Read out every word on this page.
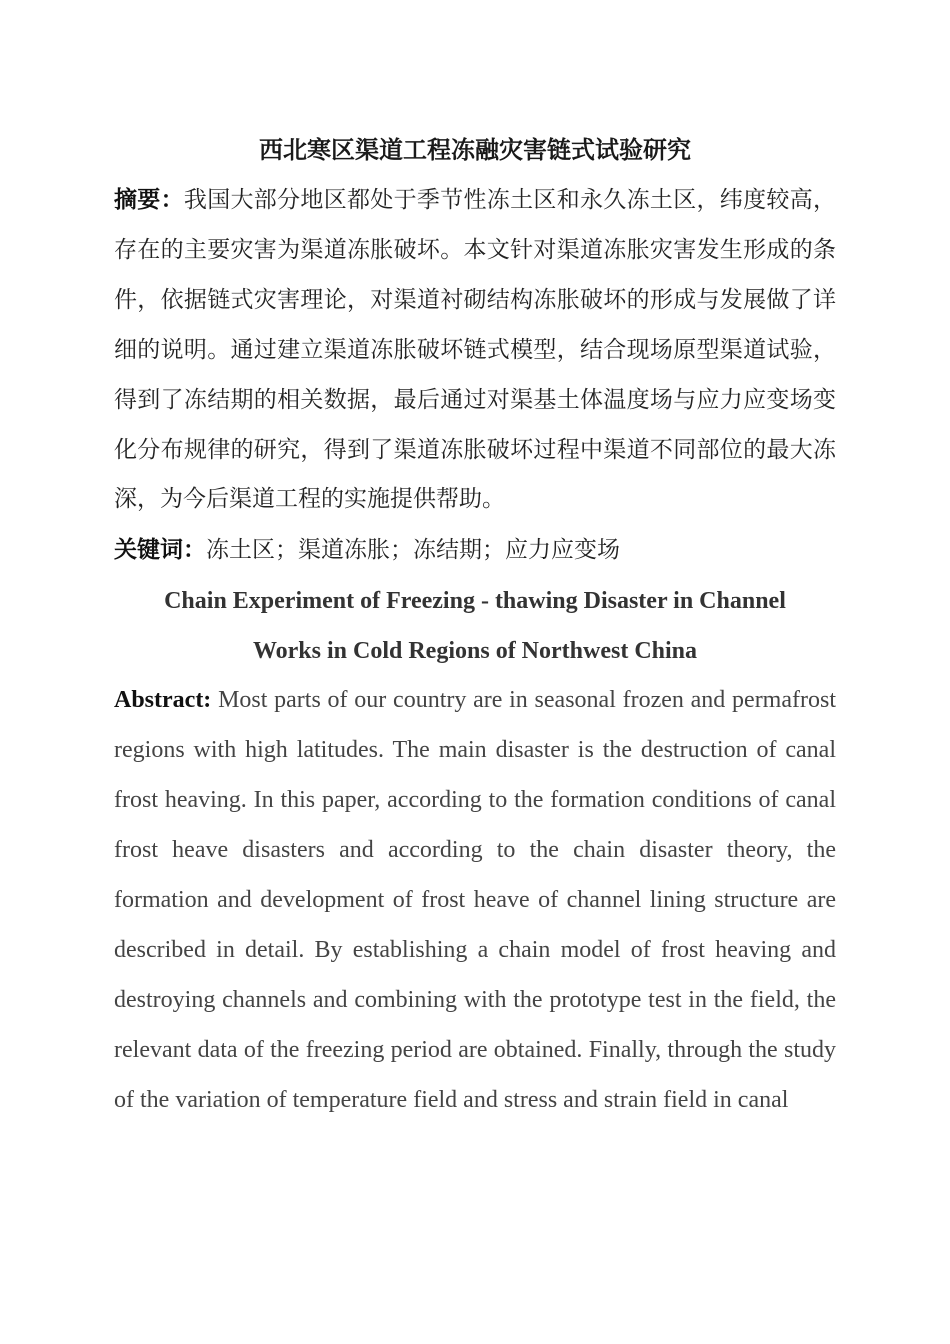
西北寒区渠道工程冻融灾害链式试验研究

摘要：我国大部分地区都处于季节性冻土区和永久冻土区，纬度较高，存在的主要灾害为渠道冻胀破坏。本文针对渠道冻胀灾害发生形成的条件，依据链式灾害理论，对渠道衬砌结构冻胀破坏的形成与发展做了详细的说明。通过建立渠道冻胀破坏链式模型，结合现场原型渠道试验，得到了冻结期的相关数据，最后通过对渠基土体温度场与应力应变场变化分布规律的研究，得到了渠道冻胀破坏过程中渠道不同部位的最大冻深，为今后渠道工程的实施提供帮助。

关键词：冻土区；渠道冻胀；冻结期；应力应变场

Chain Experiment of Freezing - thawing Disaster in Channel
Works in Cold Regions of Northwest China

Abstract: Most parts of our country are in seasonal frozen and permafrost regions with high latitudes. The main disaster is the destruction of canal frost heaving. In this paper, according to the formation conditions of canal frost heave disasters and according to the chain disaster theory, the formation and development of frost heave of channel lining structure are described in detail. By establishing a chain model of frost heaving and destroying channels and combining with the prototype test in the field, the relevant data of the freezing period are obtained. Finally, through the study of the variation of temperature field and stress and strain field in canal
